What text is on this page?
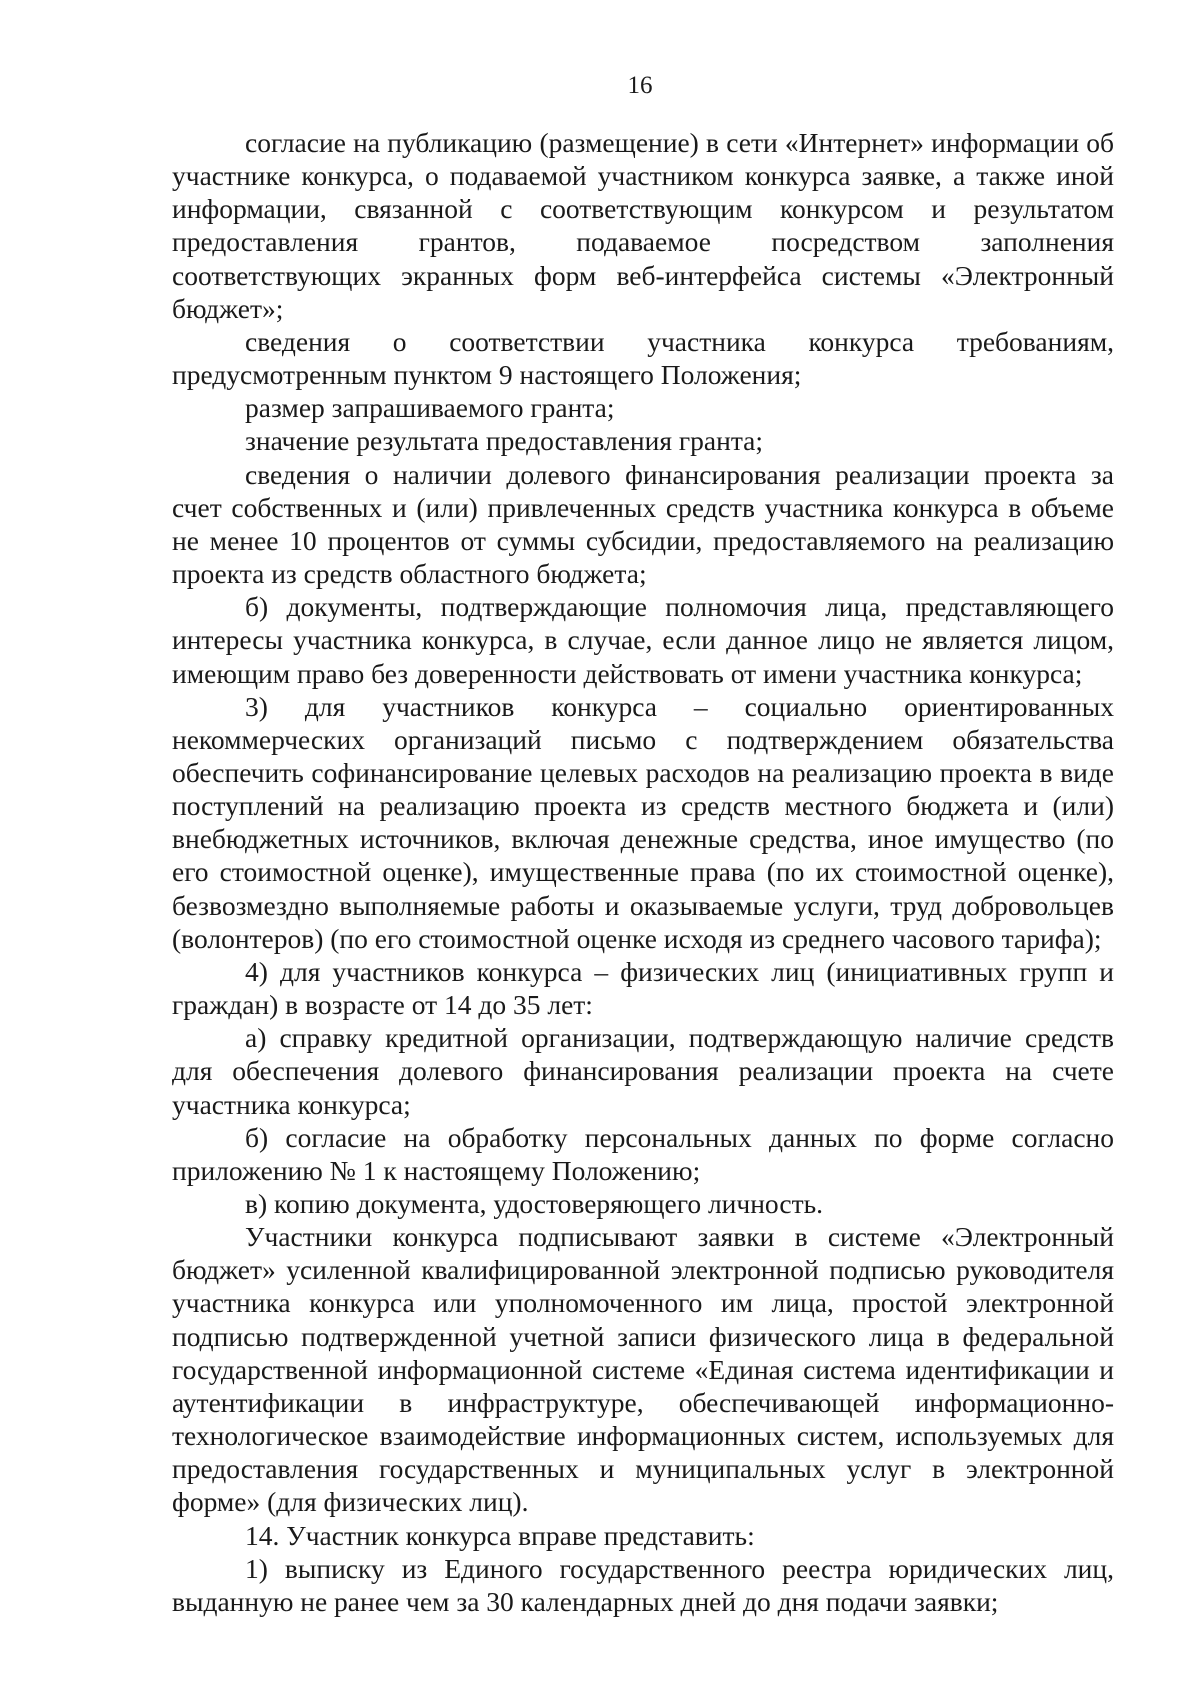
16

согласие на публикацию (размещение) в сети «Интернет» информации об участнике конкурса, о подаваемой участником конкурса заявке, а также иной информации, связанной с соответствующим конкурсом и результатом предоставления грантов, подаваемое посредством заполнения соответствующих экранных форм веб-интерфейса системы «Электронный бюджет»;

сведения о соответствии участника конкурса требованиям, предусмотренным пунктом 9 настоящего Положения;

размер запрашиваемого гранта;

значение результата предоставления гранта;

сведения о наличии долевого финансирования реализации проекта за счет собственных и (или) привлеченных средств участника конкурса в объеме не менее 10 процентов от суммы субсидии, предоставляемого на реализацию проекта из средств областного бюджета;

б) документы, подтверждающие полномочия лица, представляющего интересы участника конкурса, в случае, если данное лицо не является лицом, имеющим право без доверенности действовать от имени участника конкурса;

3) для участников конкурса – социально ориентированных некоммерческих организаций письмо с подтверждением обязательства обеспечить софинансирование целевых расходов на реализацию проекта в виде поступлений на реализацию проекта из средств местного бюджета и (или) внебюджетных источников, включая денежные средства, иное имущество (по его стоимостной оценке), имущественные права (по их стоимостной оценке), безвозмездно выполняемые работы и оказываемые услуги, труд добровольцев (волонтеров) (по его стоимостной оценке исходя из среднего часового тарифа);

4) для участников конкурса – физических лиц (инициативных групп и граждан) в возрасте от 14 до 35 лет:

а) справку кредитной организации, подтверждающую наличие средств для обеспечения долевого финансирования реализации проекта на счете участника конкурса;

б) согласие на обработку персональных данных по форме согласно приложению № 1 к настоящему Положению;

в) копию документа, удостоверяющего личность.

Участники конкурса подписывают заявки в системе «Электронный бюджет» усиленной квалифицированной электронной подписью руководителя участника конкурса или уполномоченного им лица, простой электронной подписью подтвержденной учетной записи физического лица в федеральной государственной информационной системе «Единая система идентификации и аутентификации в инфраструктуре, обеспечивающей информационно-технологическое взаимодействие информационных систем, используемых для предоставления государственных и муниципальных услуг в электронной форме» (для физических лиц).

14. Участник конкурса вправе представить:

1) выписку из Единого государственного реестра юридических лиц, выданную не ранее чем за 30 календарных дней до дня подачи заявки;
